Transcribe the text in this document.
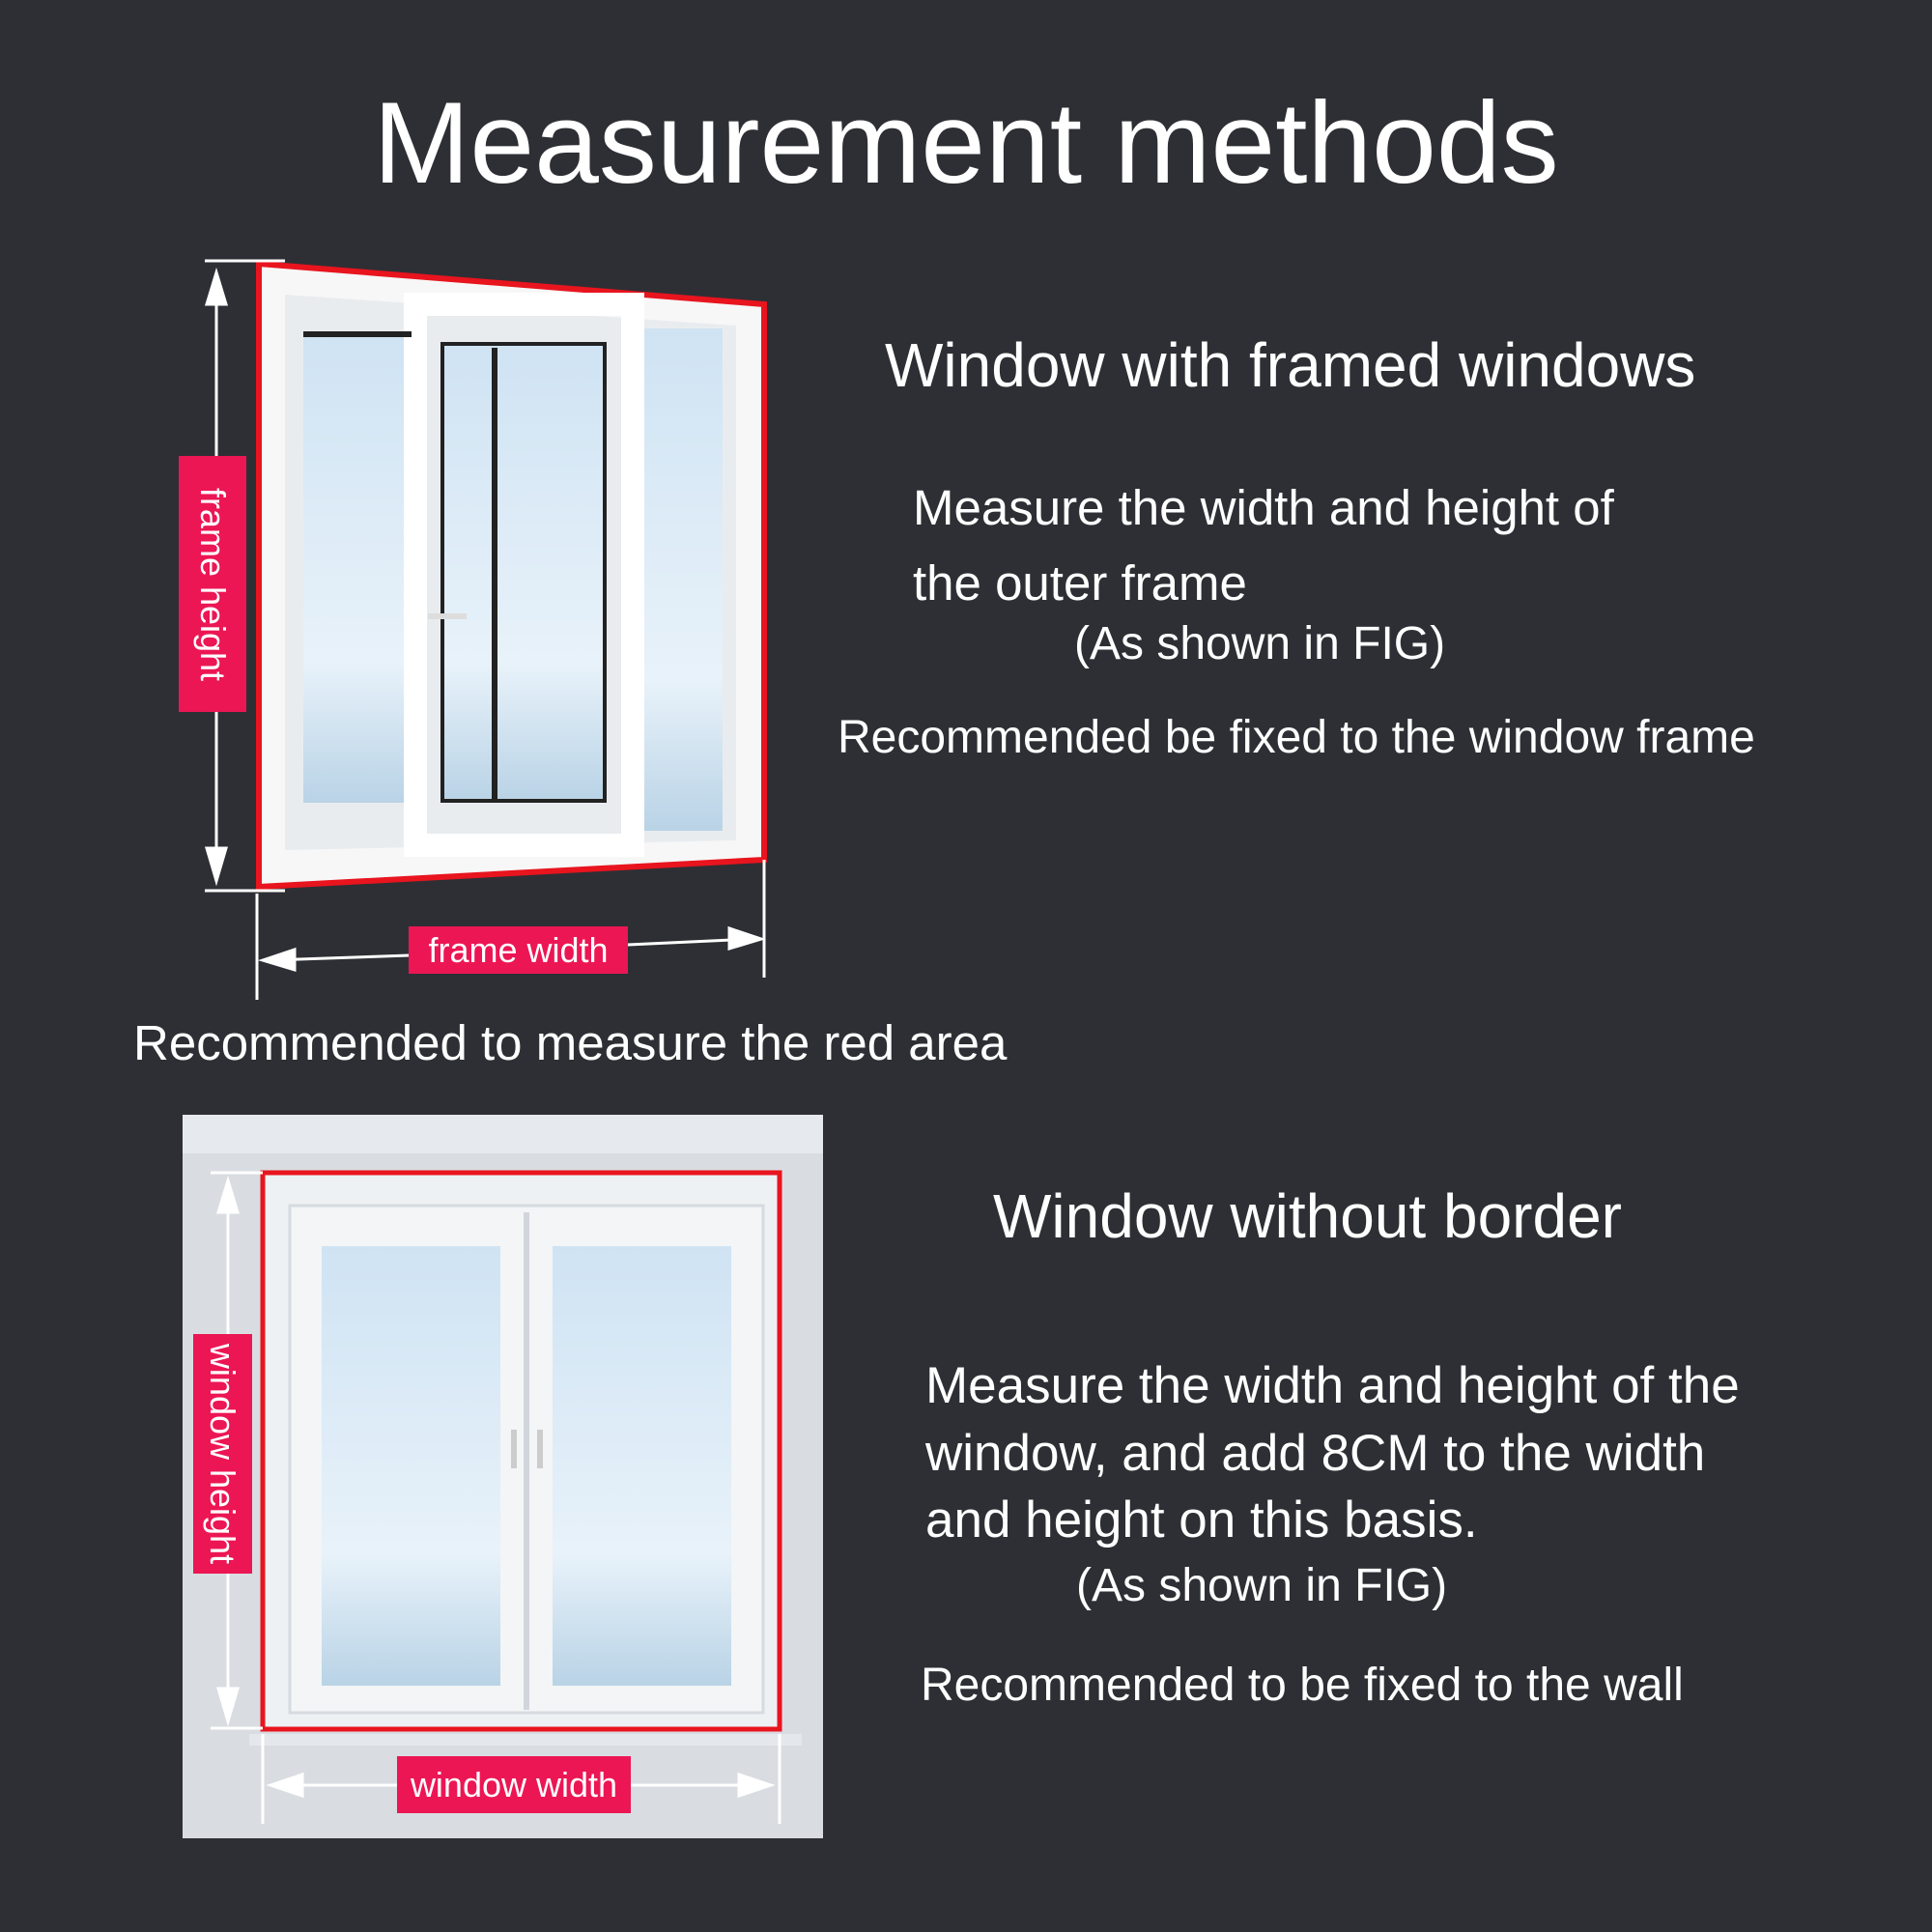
Measurement methods
frame height
frame width
Recommended to measure the red area
Window with framed windows
Measure the width and height of
the outer frame
(As shown in FIG)
Recommended be fixed to the window frame
window height
window width
Window without border
Measure the width and height of the
window, and add 8CM to the width
and height on this basis.
(As shown in FIG)
Recommended to be fixed to the wall
